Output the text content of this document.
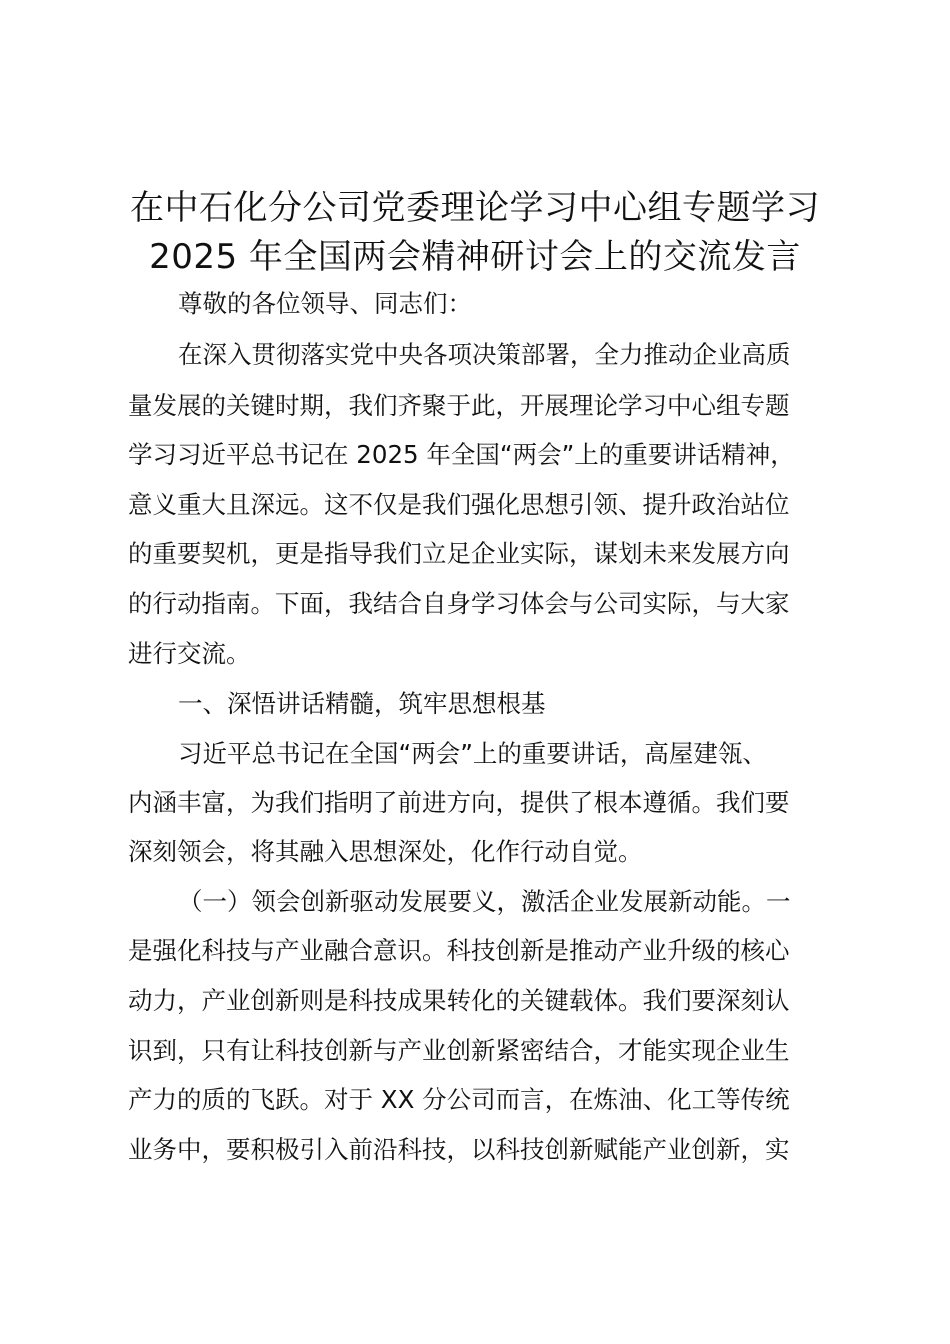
在中石化分公司党委理论学习中心组专题学习
2025 年全国两会精神研讨会上的交流发言

尊敬的各位领导、同志们：

在深入贯彻落实党中央各项决策部署，全力推动企业高质

量发展的关键时期，我们齐聚于此，开展理论学习中心组专题

学习习近平总书记在 2025 年全国“两会”上的重要讲话精神，

意义重大且深远。这不仅是我们强化思想引领、提升政治站位

的重要契机，更是指导我们立足企业实际，谋划未来发展方向

的行动指南。下面，我结合自身学习体会与公司实际，与大家

进行交流。

一、深悟讲话精髓，筑牢思想根基

习近平总书记在全国“两会”上的重要讲话，高屋建瓴、

内涵丰富，为我们指明了前进方向，提供了根本遵循。我们要

深刻领会，将其融入思想深处，化作行动自觉。

（一）领会创新驱动发展要义，激活企业发展新动能。一

是强化科技与产业融合意识。科技创新是推动产业升级的核心

动力，产业创新则是科技成果转化的关键载体。我们要深刻认

识到，只有让科技创新与产业创新紧密结合，才能实现企业生

产力的质的飞跃。对于 XX 分公司而言，在炼油、化工等传统

业务中，要积极引入前沿科技，以科技创新赋能产业创新，实
